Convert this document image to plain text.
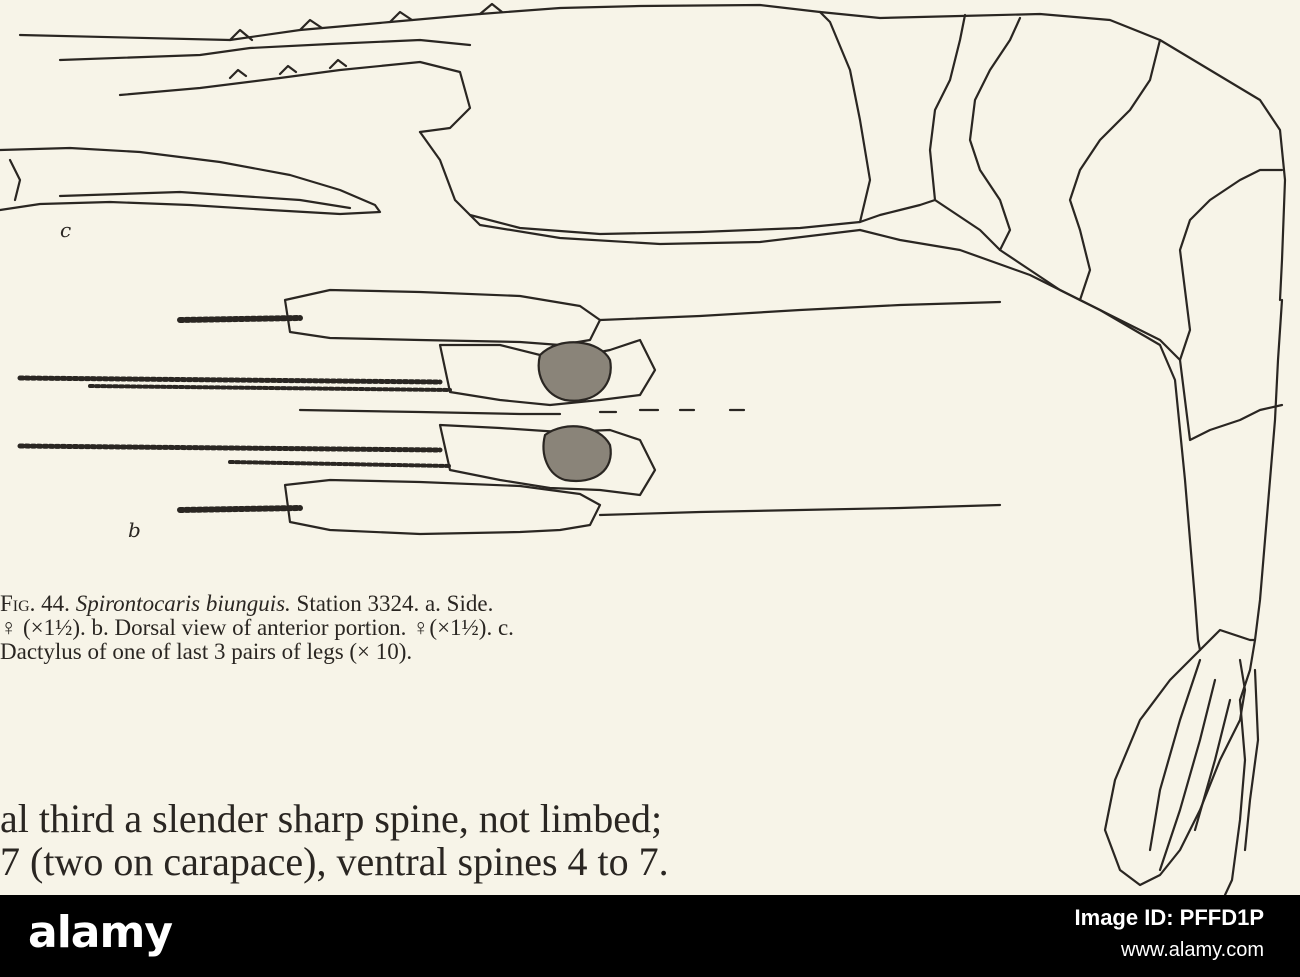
c
b
Fig. 44. Spirontocaris biunguis. Station 3324. a. Side.
♀ (×1½). b. Dorsal view of anterior portion. ♀(×1½). c.
Dactylus of one of last 3 pairs of legs (× 10).
al third a slender sharp spine, not limbed;
7 (two on carapace), ventral spines 4 to 7.
alamy	Image ID: PFFD1P
www.alamy.com
